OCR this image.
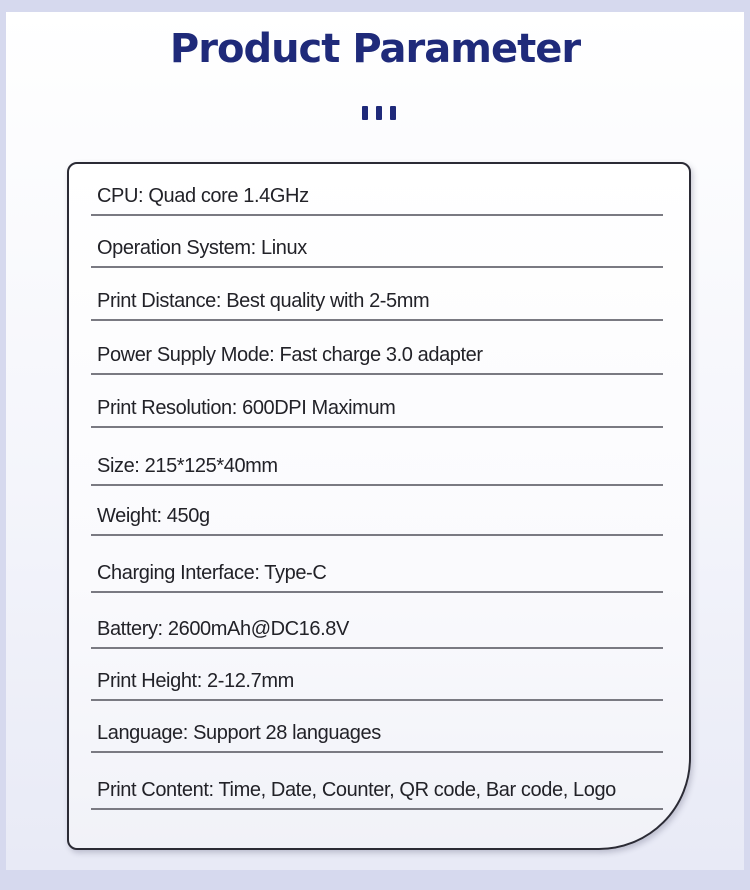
Product Parameter
CPU: Quad core 1.4GHz
Operation System: Linux
Print Distance: Best quality with 2-5mm
Power Supply Mode: Fast charge 3.0 adapter
Print Resolution: 600DPI Maximum
Size: 215*125*40mm
Weight: 450g
Charging Interface: Type-C
Battery: 2600mAh@DC16.8V
Print Height: 2-12.7mm
Language: Support 28 languages
Print Content: Time, Date, Counter, QR code, Bar code, Logo
